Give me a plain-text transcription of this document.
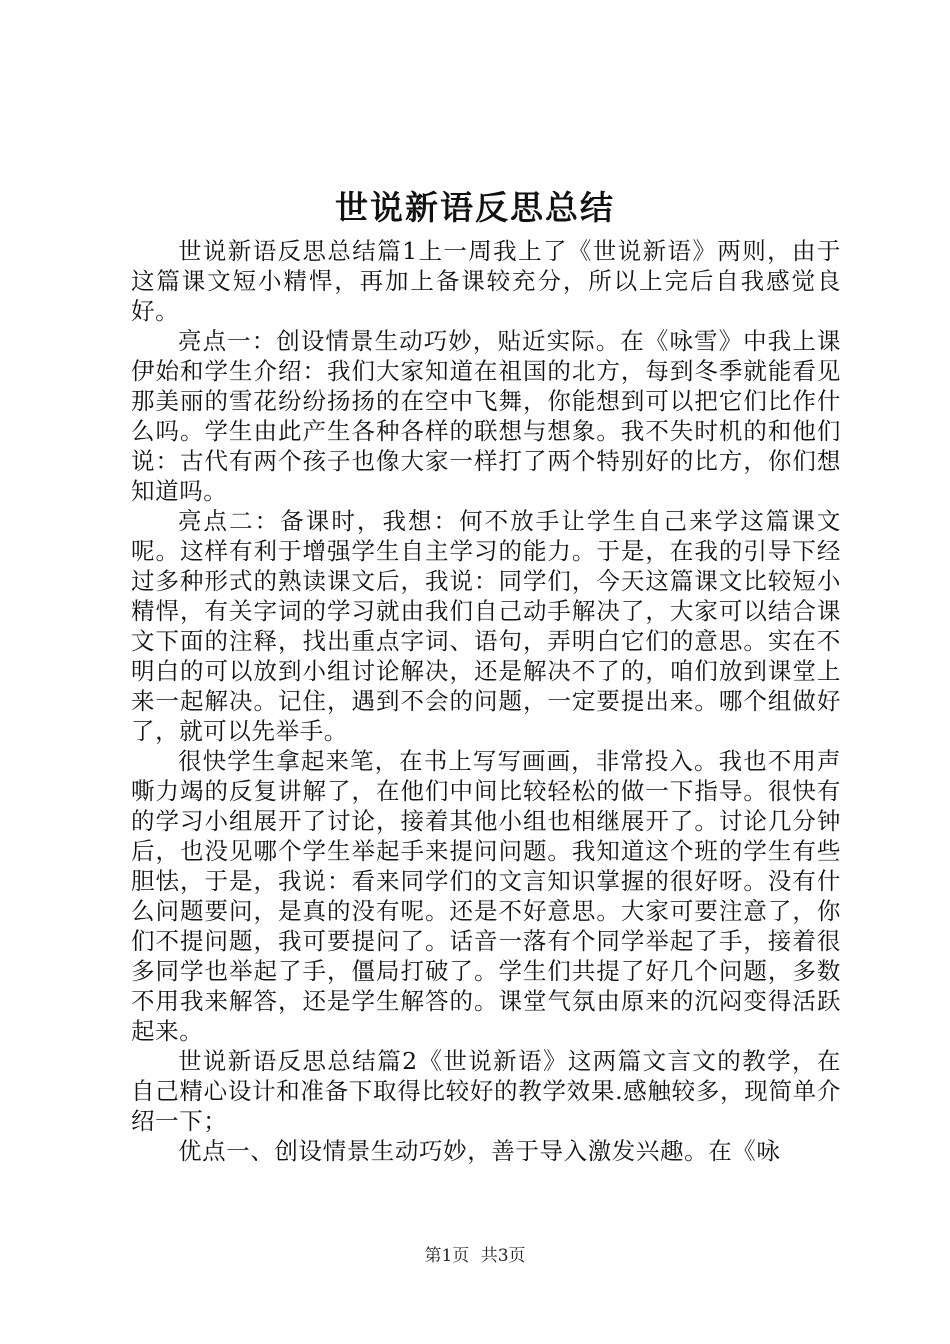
世说新语反思总结

世说新语反思总结篇1上一周我上了《世说新语》两则，由于这篇课文短小精悍，再加上备课较充分，所以上完后自我感觉良好。

亮点一：创设情景生动巧妙，贴近实际。在《咏雪》中我上课伊始和学生介绍：我们大家知道在祖国的北方，每到冬季就能看见那美丽的雪花纷纷扬扬的在空中飞舞，你能想到可以把它们比作什么吗。学生由此产生各种各样的联想与想象。我不失时机的和他们说：古代有两个孩子也像大家一样打了两个特别好的比方，你们想知道吗。

亮点二：备课时，我想：何不放手让学生自己来学这篇课文呢。这样有利于增强学生自主学习的能力。于是，在我的引导下经过多种形式的熟读课文后，我说：同学们，今天这篇课文比较短小精悍，有关字词的学习就由我们自己动手解决了，大家可以结合课文下面的注释，找出重点字词、语句，弄明白它们的意思。实在不明白的可以放到小组讨论解决，还是解决不了的，咱们放到课堂上来一起解决。记住，遇到不会的问题，一定要提出来。哪个组做好了，就可以先举手。

很快学生拿起来笔，在书上写写画画，非常投入。我也不用声嘶力竭的反复讲解了，在他们中间比较轻松的做一下指导。很快有的学习小组展开了讨论，接着其他小组也相继展开了。讨论几分钟后，也没见哪个学生举起手来提问问题。我知道这个班的学生有些胆怯，于是，我说：看来同学们的文言知识掌握的很好呀。没有什么问题要问，是真的没有呢。还是不好意思。大家可要注意了，你们不提问题，我可要提问了。话音一落有个同学举起了手，接着很多同学也举起了手，僵局打破了。学生们共提了好几个问题，多数不用我来解答，还是学生解答的。课堂气氛由原来的沉闷变得活跃起来。

世说新语反思总结篇2《世说新语》这两篇文言文的教学，在自己精心设计和准备下取得比较好的教学效果.感触较多，现简单介绍一下；

优点一、创设情景生动巧妙，善于导入激发兴趣。在《咏

第1页 共3页
